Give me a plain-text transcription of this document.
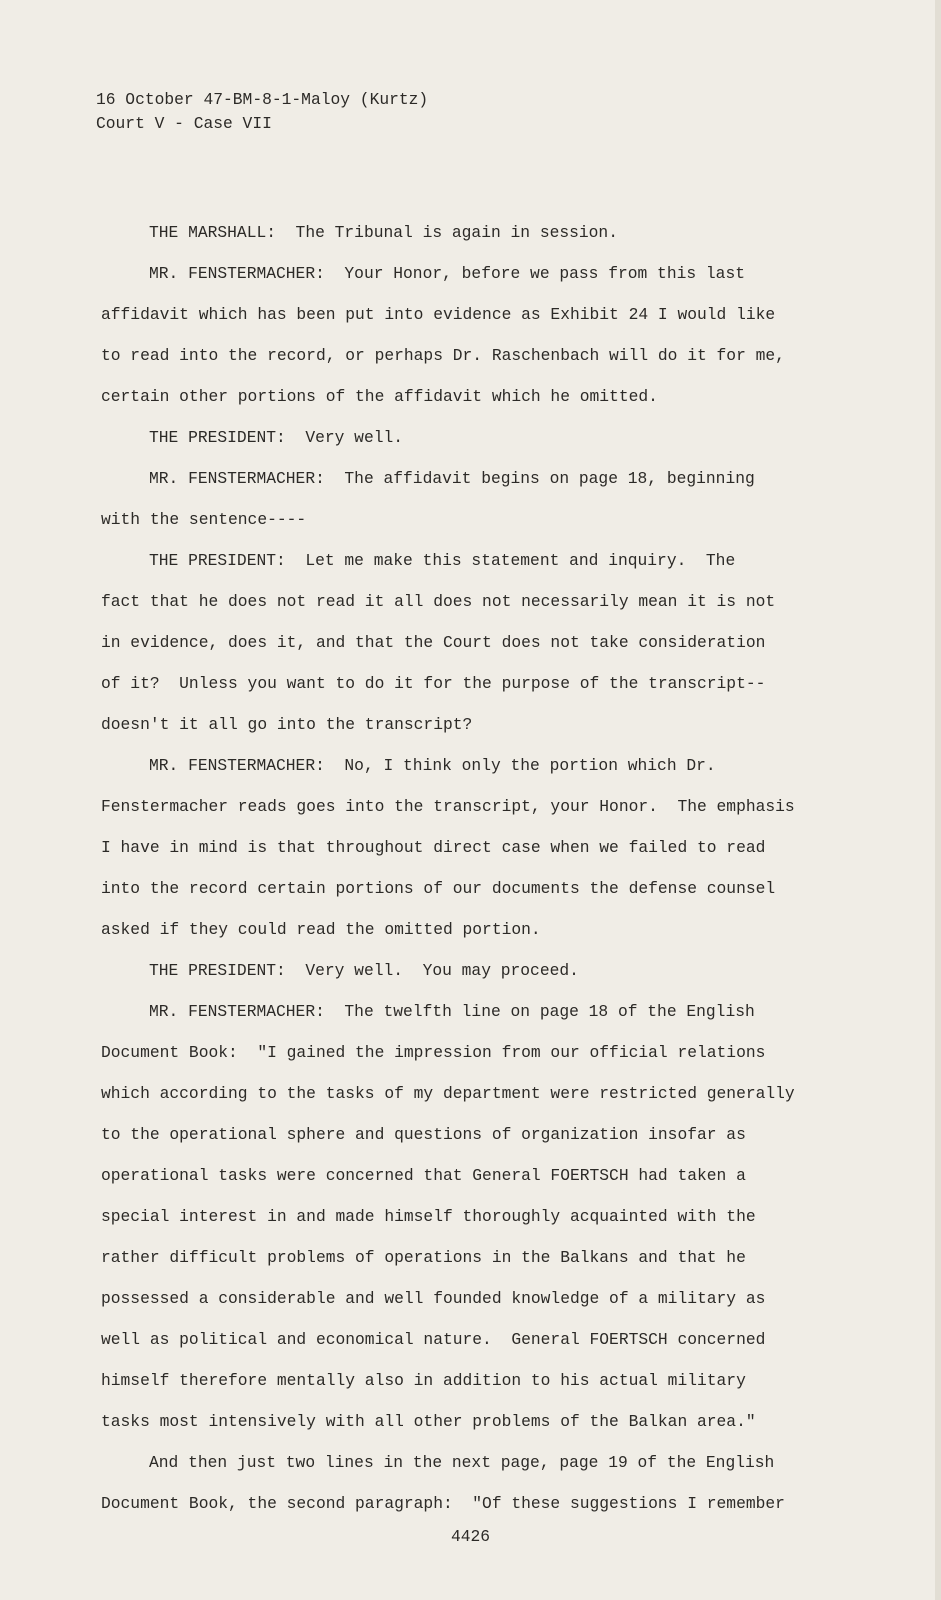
16 October 47-BM-8-1-Maloy (Kurtz)
Court V - Case VII
THE MARSHALL:  The Tribunal is again in session.
MR. FENSTERMACHER:  Your Honor, before we pass from this last
affidavit which has been put into evidence as Exhibit 24 I would like
to read into the record, or perhaps Dr. Raschenbach will do it for me,
certain other portions of the affidavit which he omitted.
THE PRESIDENT:  Very well.
MR. FENSTERMACHER:  The affidavit begins on page 18, beginning
with the sentence----
THE PRESIDENT:  Let me make this statement and inquiry.  The
fact that he does not read it all does not necessarily mean it is not
in evidence, does it, and that the Court does not take consideration
of it?  Unless you want to do it for the purpose of the transcript--
doesn't it all go into the transcript?
MR. FENSTERMACHER:  No, I think only the portion which Dr.
Fenstermacher reads goes into the transcript, your Honor.  The emphasis
I have in mind is that throughout direct case when we failed to read
into the record certain portions of our documents the defense counsel
asked if they could read the omitted portion.
THE PRESIDENT:  Very well.  You may proceed.
MR. FENSTERMACHER:  The twelfth line on page 18 of the English
Document Book:  "I gained the impression from our official relations
which according to the tasks of my department were restricted generally
to the operational sphere and questions of organization insofar as
operational tasks were concerned that General FOERTSCH had taken a
special interest in and made himself thoroughly acquainted with the
rather difficult problems of operations in the Balkans and that he
possessed a considerable and well founded knowledge of a military as
well as political and economical nature.  General FOERTSCH concerned
himself therefore mentally also in addition to his actual military
tasks most intensively with all other problems of the Balkan area."
And then just two lines in the next page, page 19 of the English
Document Book, the second paragraph:  "Of these suggestions I remember
4426
